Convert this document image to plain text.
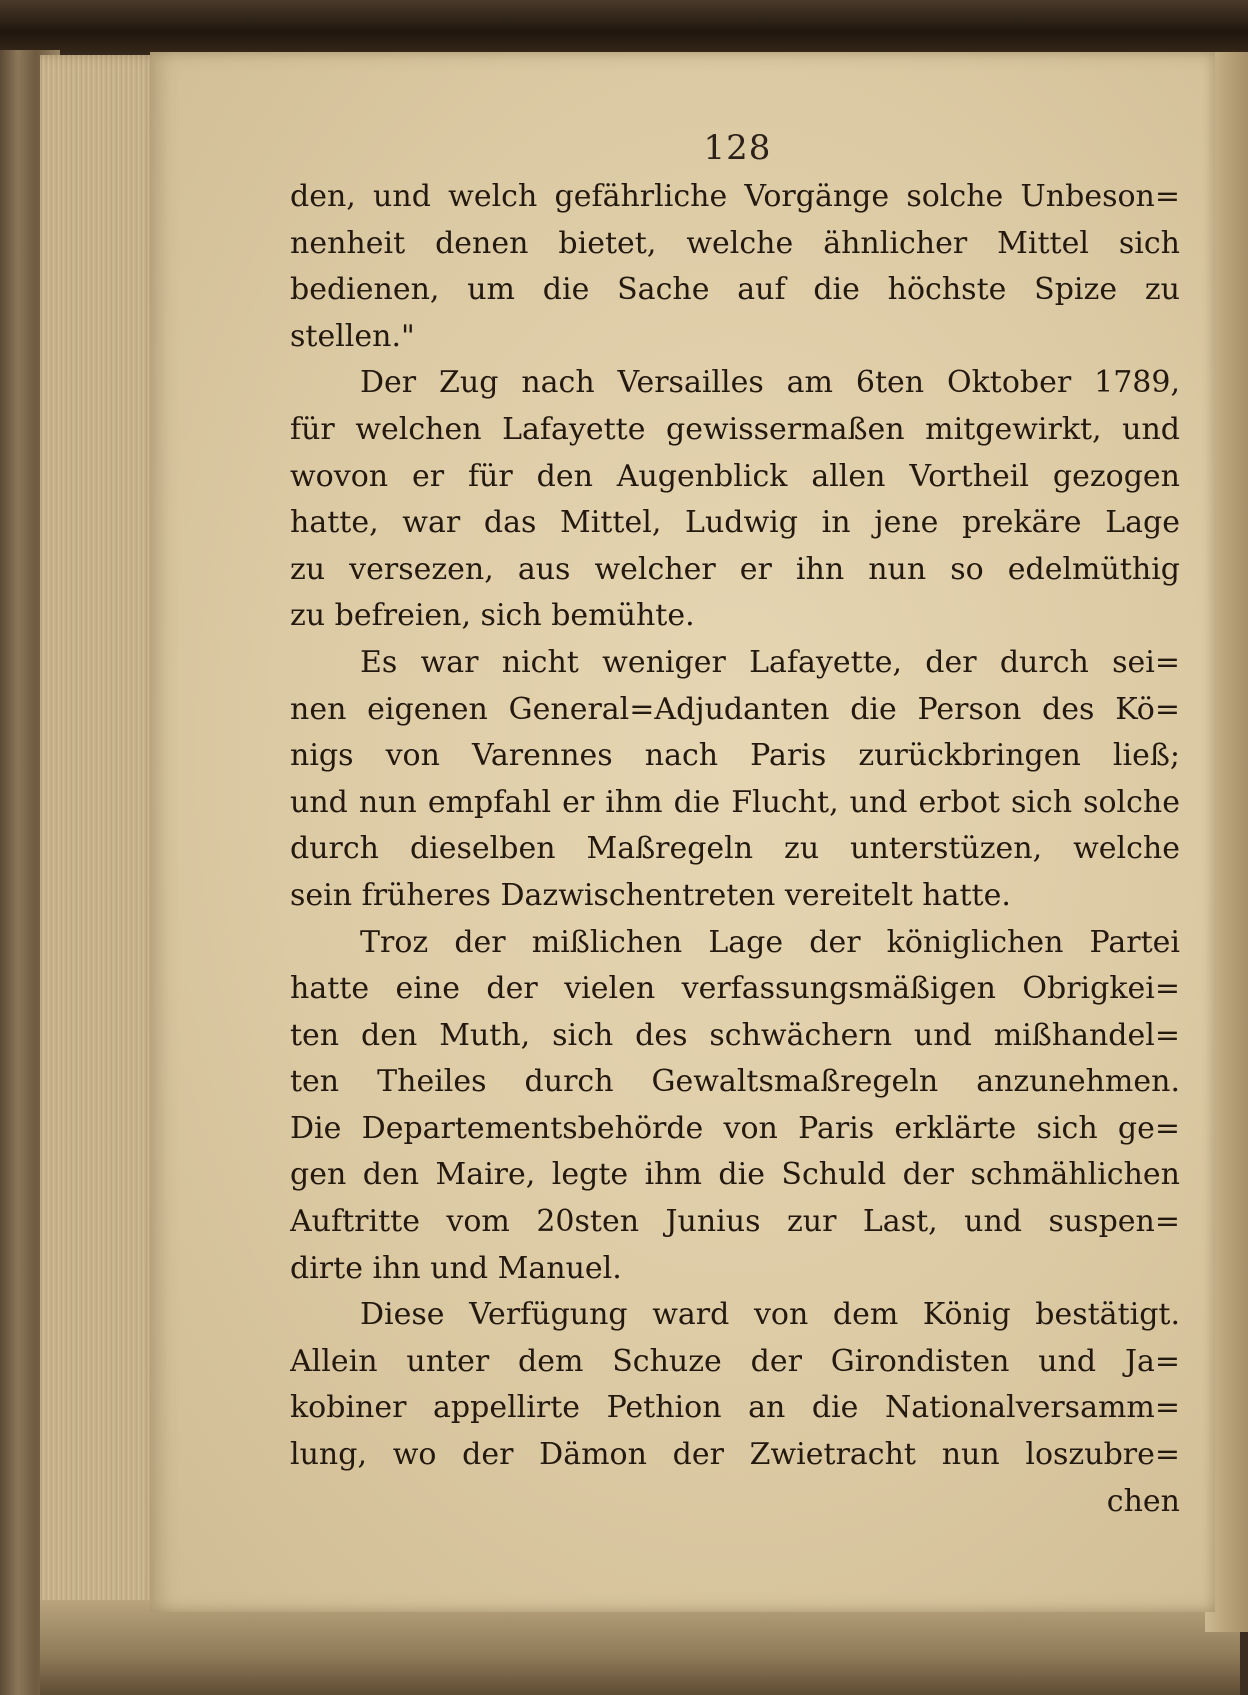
128
den, und welch gefährliche Vorgänge solche Unbeson=
nenheit denen bietet, welche ähnlicher Mittel sich
bedienen, um die Sache auf die höchste Spize zu
stellen."
Der Zug nach Versailles am 6ten Oktober 1789,
für welchen Lafayette gewissermaßen mitgewirkt, und
wovon er für den Augenblick allen Vortheil gezogen
hatte, war das Mittel, Ludwig in jene prekäre Lage
zu versezen, aus welcher er ihn nun so edelmüthig
zu befreien, sich bemühte.
Es war nicht weniger Lafayette, der durch sei=
nen eigenen General=Adjudanten die Person des Kö=
nigs von Varennes nach Paris zurückbringen ließ;
und nun empfahl er ihm die Flucht, und erbot sich solche
durch dieselben Maßregeln zu unterstüzen, welche
sein früheres Dazwischentreten vereitelt hatte.
Troz der mißlichen Lage der königlichen Partei
hatte eine der vielen verfassungsmäßigen Obrigkei=
ten den Muth, sich des schwächern und mißhandel=
ten Theiles durch Gewaltsmaßregeln anzunehmen.
Die Departementsbehörde von Paris erklärte sich ge=
gen den Maire, legte ihm die Schuld der schmählichen
Auftritte vom 20sten Junius zur Last, und suspen=
dirte ihn und Manuel.
Diese Verfügung ward von dem König bestätigt.
Allein unter dem Schuze der Girondisten und Ja=
kobiner appellirte Pethion an die Nationalversamm=
lung, wo der Dämon der Zwietracht nun loszubre=
chen
